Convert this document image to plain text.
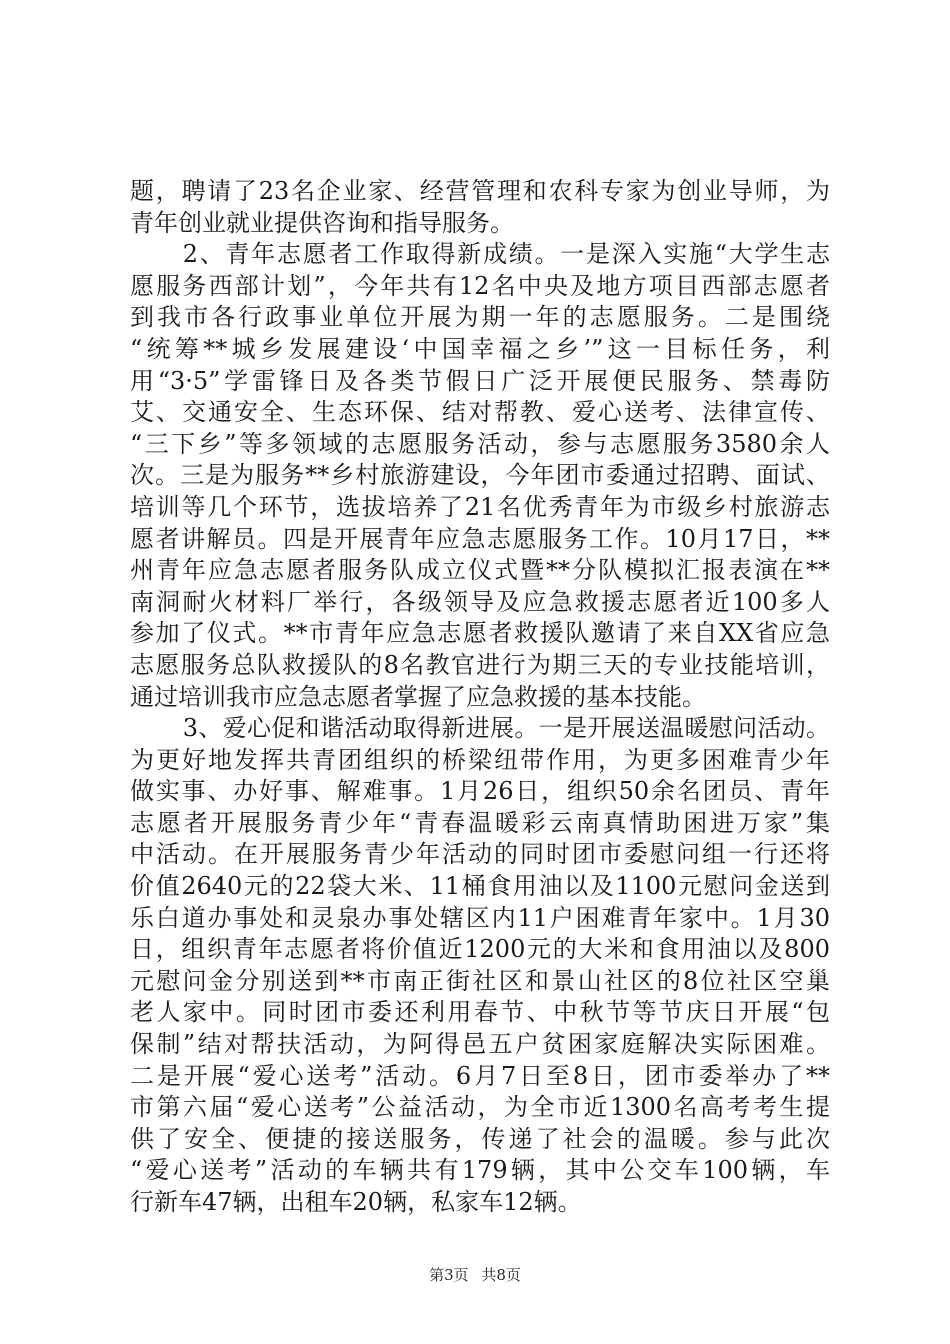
题，聘请了23名企业家、经营管理和农科专家为创业导师，为
青年创业就业提供咨询和指导服务。
2、青年志愿者工作取得新成绩。一是深入实施“大学生志
愿服务西部计划”，今年共有12名中央及地方项目西部志愿者
到我市各行政事业单位开展为期一年的志愿服务。二是围绕
“统筹**城乡发展建设‘中国幸福之乡’”这一目标任务，利
用“3·5”学雷锋日及各类节假日广泛开展便民服务、禁毒防
艾、交通安全、生态环保、结对帮教、爱心送考、法律宣传、
“三下乡”等多领域的志愿服务活动，参与志愿服务3580余人
次。三是为服务**乡村旅游建设，今年团市委通过招聘、面试、
培训等几个环节，选拔培养了21名优秀青年为市级乡村旅游志
愿者讲解员。四是开展青年应急志愿服务工作。10月17日，**
州青年应急志愿者服务队成立仪式暨**分队模拟汇报表演在**
南洞耐火材料厂举行，各级领导及应急救援志愿者近100多人
参加了仪式。**市青年应急志愿者救援队邀请了来自XX省应急
志愿服务总队救援队的8名教官进行为期三天的专业技能培训，
通过培训我市应急志愿者掌握了应急救援的基本技能。
3、爱心促和谐活动取得新进展。一是开展送温暖慰问活动。
为更好地发挥共青团组织的桥梁纽带作用，为更多困难青少年
做实事、办好事、解难事。1月26日，组织50余名团员、青年
志愿者开展服务青少年“青春温暖彩云南真情助困进万家”集
中活动。在开展服务青少年活动的同时团市委慰问组一行还将
价值2640元的22袋大米、11桶食用油以及1100元慰问金送到
乐白道办事处和灵泉办事处辖区内11户困难青年家中。1月30
日，组织青年志愿者将价值近1200元的大米和食用油以及800
元慰问金分别送到**市南正街社区和景山社区的8位社区空巢
老人家中。同时团市委还利用春节、中秋节等节庆日开展“包
保制”结对帮扶活动，为阿得邑五户贫困家庭解决实际困难。
二是开展“爱心送考”活动。6月7日至8日，团市委举办了**
市第六届“爱心送考”公益活动，为全市近1300名高考考生提
供了安全、便捷的接送服务，传递了社会的温暖。参与此次
“爱心送考”活动的车辆共有179辆，其中公交车100辆，车
行新车47辆，出租车20辆，私家车12辆。
第3页 共8页
